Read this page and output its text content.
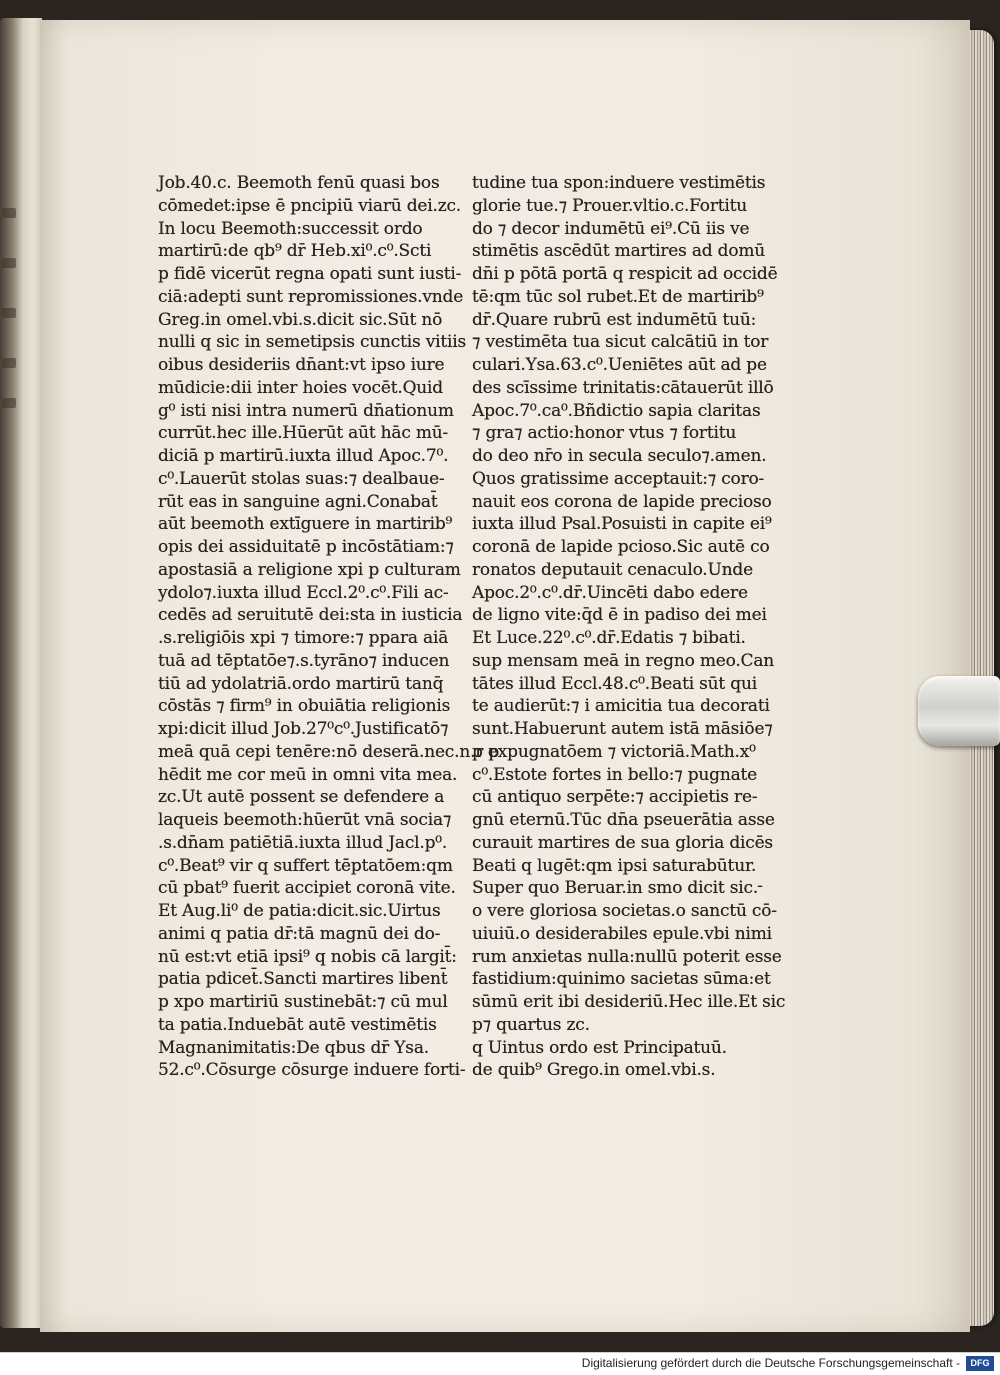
Job.40.c. Beemoth fenū quasi bos
cōmedet:ipse ē pncipiū viarū dei.zc.
In locu Beemoth:successit ordo
martirū:de qb⁹ dr̄ Heb.xi⁰.c⁰.Scti
p fidē vicerūt regna opati sunt iusti-
ciā:adepti sunt repromissiones.vnde
Greg.in omel.vbi.s.dicit sic.Sūt nō
nulli q sic in semetipsis cunctis vitiis
oibus desideriis dn̄ant:vt ipso iure
mūdicie:dii inter hoies vocēt.Quid
g⁰ isti nisi intra numerū dn̄ationum
currūt.hec ille.Hūerūt aūt hāc mū-
diciā p martirū.iuxta illud Apoc.7⁰.
c⁰.Lauerūt stolas suas:⁊ dealbaue-
rūt eas in sanguine agni.Conabat̄
aūt beemoth extīguere in martirib⁹
opis dei assiduitatē p incōstātiam:⁊
apostasiā a religione xpi p culturam
ydolo⁊.iuxta illud Eccl.2⁰.c⁰.Fili ac-
cedēs ad seruitutē dei:sta in iusticia
.s.religiōis xpi ⁊ timore:⁊ ppara aiā
tuā ad tēptatōe⁊.s.tyrāno⁊ inducen
tiū ad ydolatriā.ordo martirū tanq̄
cōstās ⁊ firm⁹ in obuiātia religionis
xpi:dicit illud Job.27⁰c⁰.Justificatō⁊
meā quā cepi tenēre:nō deserā.nec.n.r p
hēdit me cor meū in omni vita mea.
zc.Ut autē possent se defendere a
laqueis beemoth:hūerūt vnā socia⁊
.s.dn̄am patiētiā.iuxta illud Jacl.p⁰.
c⁰.Beat⁹ vir q suffert tēptatōem:qm
cū pbat⁹ fuerit accipiet coronā vite.
Et Aug.li⁰ de patia:dicit.sic.Uirtus
animi q patia dr̄:tā magnū dei do-
nū est:vt etiā ipsi⁹ q nobis cā largit̄:
patia pdicet̄.Sancti martires libent̄
p xpo martiriū sustinebāt:⁊ cū mul
ta patia.Induebāt autē vestimētis
Magnanimitatis:De qbus dr̄ Ysa.
52.c⁰.Cōsurge cōsurge induere forti-
tudine tua spon:induere vestimētis
glorie tue.⁊ Prouer.vltio.c.Fortitu
do ⁊ decor indumētū ei⁹.Cū iis ve
stimētis ascēdūt martires ad domū
dn̄i p pōtā portā q respicit ad occidē
tē:qm tūc sol rubet.Et de martirib⁹
dr̄.Quare rubrū est indumētū tuū:
⁊ vestimēta tua sicut calcātiū in tor
culari.Ysa.63.c⁰.Ueniētes aūt ad pe
des scīssime trinitatis:cātauerūt illō
Apoc.7⁰.ca⁰.Bñdictio sapia claritas
⁊ gra⁊ actio:honor vtus ⁊ fortitu
do deo nr̄o in secula seculo⁊.amen.
Quos gratissime acceptauit:⁊ coro-
nauit eos corona de lapide precioso
iuxta illud Psal.Posuisti in capite ei⁹
coronā de lapide pcioso.Sic autē co
ronatos deputauit cenaculo.Unde
Apoc.2⁰.c⁰.dr̄.Uincēti dabo edere
de ligno vite:q̄d ē in padiso dei mei
Et Luce.22⁰.c⁰.dr̄.Edatis ⁊ bibati.
sup mensam meā in regno meo.Can
tātes illud Eccl.48.c⁰.Beati sūt qui
te audierūt:⁊ i amicitia tua decorati
sunt.Habuerunt autem istā māsiōe⁊
p expugnatōem ⁊ victoriā.Math.x⁰
c⁰.Estote fortes in bello:⁊ pugnate
cū antiquo serpēte:⁊ accipietis re-
gnū eternū.Tūc dn̄a pseuerātia asse
curauit martires de sua gloria dicēs
Beati q lugēt:qm ipsi saturabūtur.
Super quo Beruar.in smo dicit sic.
o vere gloriosa societas.o sanctū cō-
uiuiū.o desiderabiles epule.vbi nimi
rum anxietas nulla:nullū poterit esse
fastidium:quinimo sacietas sūma:et
sūmū erit ibi desideriū.Hec ille.Et sic
p⁊ quartus zc.
q Uintus ordo est Principatuū.
de quib⁹ Grego.in omel.vbi.s.
-
Digitalisierung gefördert durch die Deutsche Forschungsgemeinschaft -	DFG
